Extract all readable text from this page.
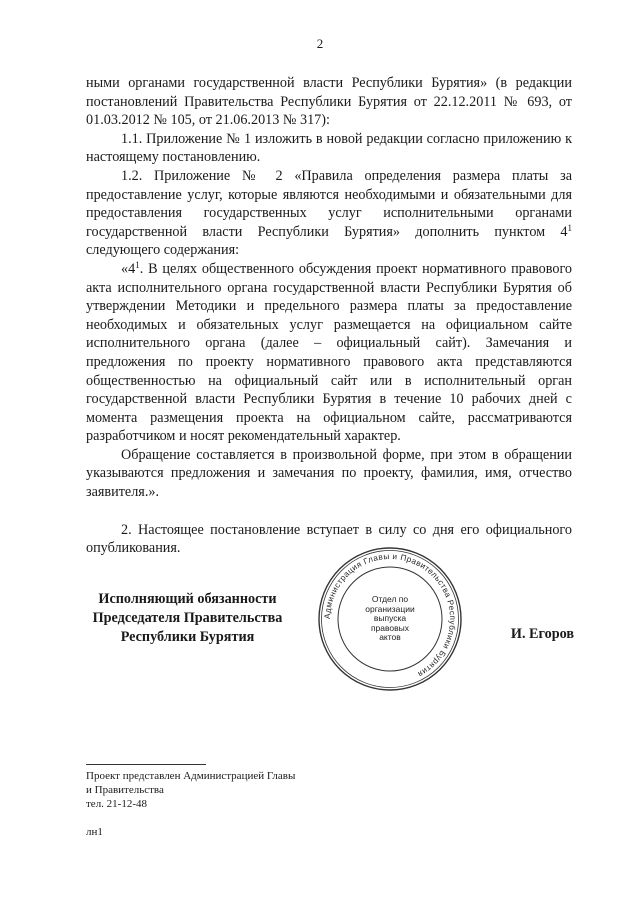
2

ными органами государственной власти Республики Бурятия» (в редакции постановлений Правительства Республики Бурятия от 22.12.2011 № 693, от 01.03.2012 № 105, от 21.06.2013 № 317):

1.1. Приложение № 1 изложить в новой редакции согласно приложению к настоящему постановлению.

1.2. Приложение № 2 «Правила определения размера платы за предоставление услуг, которые являются необходимыми и обязательными для предоставления государственных услуг исполнительными органами государственной власти Республики Бурятия» дополнить пунктом $4^1$ следующего содержания:

«$4^1$. В целях общественного обсуждения проект нормативного правового акта исполнительного органа государственной власти Республики Бурятия об утверждении Методики и предельного размера платы за предоставление необходимых и обязательных услуг размещается на официальном сайте исполнительного органа (далее – официальный сайт). Замечания и предложения по проекту нормативного правового акта представляются общественностью на официальный сайт или в исполнительный орган государственной власти Республики Бурятия в течение 10 рабочих дней с момента размещения проекта на официальном сайте, рассматриваются разработчиком и носят рекомендательный характер.

Обращение составляется в произвольной форме, при этом в обращении указываются предложения и замечания по проекту, фамилия, имя, отчество заявителя.».

2. Настоящее постановление вступает в силу со дня его официального опубликования.

Исполняющий обязанности
Председателя Правительства
Республики Бурятия
Администрация Главы и Правительства Республики Бурятия
Отдел по
организации
выпуска
правовых
актов	И. Егоров
Проект представлен Администрацией Главы
и Правительства
тел. 21-12-48
лн1
